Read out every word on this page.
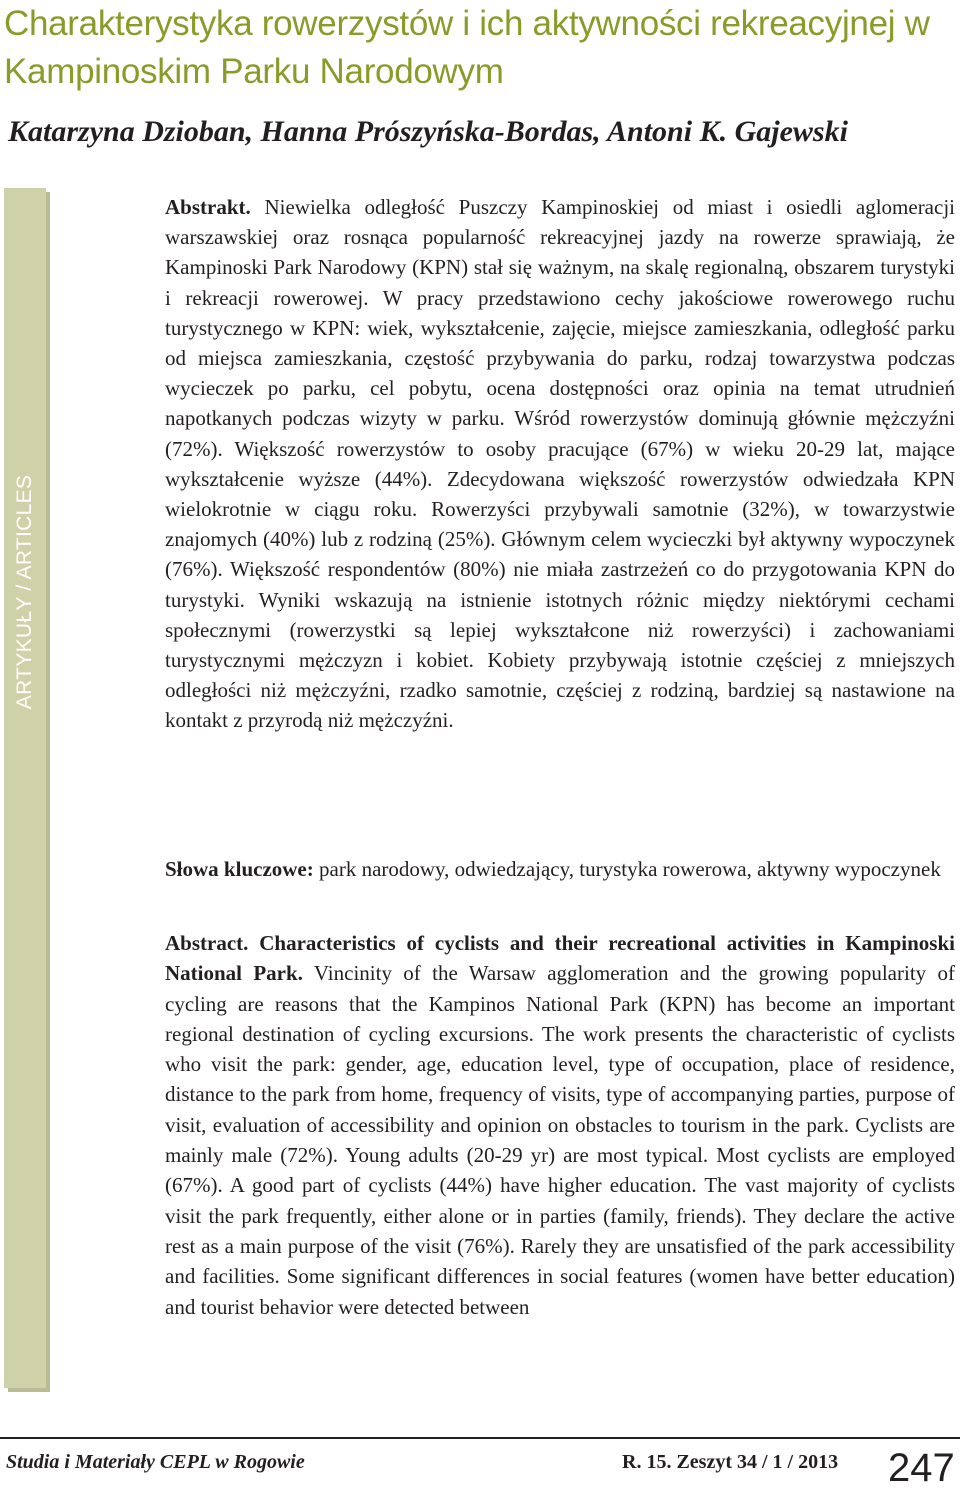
Charakterystyka rowerzystów i ich aktywności rekreacyjnej w Kampinoskim Parku Narodowym
Katarzyna Dzioban, Hanna Prószyńska-Bordas, Antoni K. Gajewski
ARTYKUŁY / ARTICLES

Abstrakt. Niewielka odległość Puszczy Kampinoskiej od miast i osiedli aglomeracji warszawskiej oraz rosnąca popularność rekreacyjnej jazdy na rowerze sprawiają, że Kampinoski Park Narodowy (KPN) stał się ważnym, na skalę regionalną, obszarem turystyki i rekreacji rowerowej. W pracy przedstawiono cechy jakościowe rowerowego ruchu turystycznego w KPN: wiek, wykształcenie, zajęcie, miejsce zamieszkania, odległość parku od miejsca zamieszkania, częstość przybywania do parku, rodzaj towarzystwa podczas wycieczek po parku, cel pobytu, ocena dostępności oraz opinia na temat utrudnień napotkanych podczas wizyty w parku. Wśród rowerzystów dominują głównie mężczyźni (72%). Większość rowerzystów to osoby pracujące (67%) w wieku 20-29 lat, mające wykształcenie wyższe (44%). Zdecydowana większość rowerzystów odwiedzała KPN wielokrotnie w ciągu roku. Rowerzyści przybywali samotnie (32%), w towarzystwie znajomych (40%) lub z rodziną (25%). Głównym celem wycieczki był aktywny wypoczynek (76%). Większość respondentów (80%) nie miała zastrzeżeń co do przygotowania KPN do turystyki. Wyniki wskazują na istnienie istotnych różnic między niektórymi cechami społecznymi (rowerzystki są lepiej wykształcone niż rowerzyści) i zachowaniami turystycznymi mężczyzn i kobiet. Kobiety przybywają istotnie częściej z mniejszych odległości niż mężczyźni, rzadko samotnie, częściej z rodziną, bardziej są nastawione na kontakt z przyrodą niż mężczyźni.

Słowa kluczowe: park narodowy, odwiedzający, turystyka rowerowa, aktywny wypoczynek

Abstract. Characteristics of cyclists and their recreational activities in Kampinoski National Park. Vincinity of the Warsaw agglomeration and the growing popularity of cycling are reasons that the Kampinos National Park (KPN) has become an important regional destination of cycling excursions. The work presents the characteristic of cyclists who visit the park: gender, age, education level, type of occupation, place of residence, distance to the park from home, frequency of visits, type of accompanying parties, purpose of visit, evaluation of accessibility and opinion on obstacles to tourism in the park. Cyclists are mainly male (72%). Young adults (20-29 yr) are most typical. Most cyclists are employed (67%). A good part of cyclists (44%) have higher education. The vast majority of cyclists visit the park frequently, either alone or in parties (family, friends). They declare the active rest as a main purpose of the visit (76%). Rarely they are unsatisfied of the park accessibility and facilities. Some significant differences in social features (women have better education) and tourist behavior were detected between

Studia i Materiały CEPL w Rogowie	R. 15. Zeszyt 34 / 1 / 2013 247
